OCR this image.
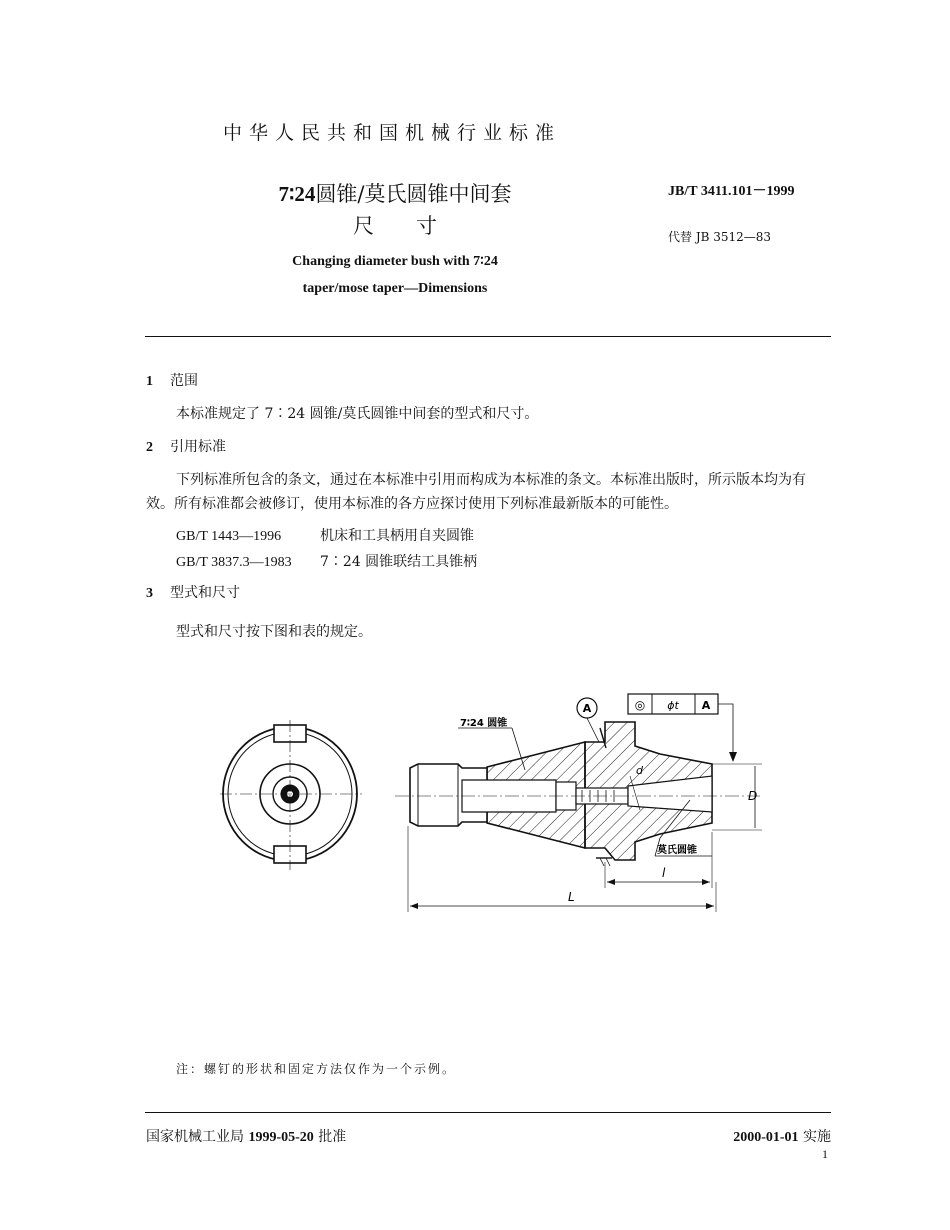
中华人民共和国机械行业标准
7∶24圆锥/莫氏圆锥中间套
尺　　寸
Changing diameter bush with 7∶24
taper/mose taper—Dimensions
JB/T 3411.101－1999
代替 JB 3512—83
1 范围
本标准规定了 7∶24 圆锥/莫氏圆锥中间套的型式和尺寸。
2 引用标准
下列标准所包含的条文，通过在本标准中引用而构成为本标准的条文。本标准出版时，所示版本均为有效。所有标准都会被修订，使用本标准的各方应探讨使用下列标准最新版本的可能性。
GB/T 1443—1996	机床和工具柄用自夹圆锥
GB/T 3837.3—1983 7∶24 圆锥联结工具锥柄
3 型式和尺寸
型式和尺寸按下图和表的规定。
7∶24 圆锥
莫氏圆锥
A	◎ ϕt A
d
D
l
L
注：螺钉的形状和固定方法仅作为一个示例。
国家机械工业局 1999-05-20 批准	2000-01-01 实施
1
